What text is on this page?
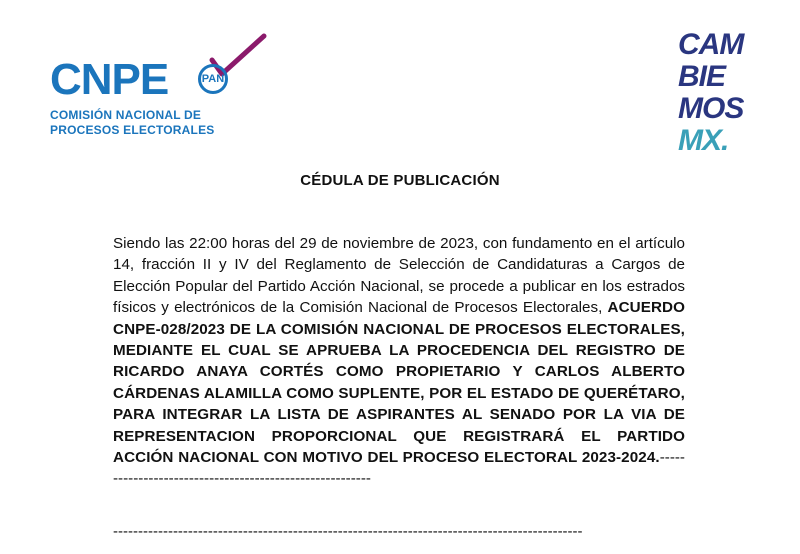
CNPE	PAN
COMISIÓN NACIONAL DE
PROCESOS ELECTORALES
CAM
BIE
MOS
MX.
CÉDULA DE PUBLICACIÓN
Siendo las 22:00 horas del 29 de noviembre de 2023, con fundamento en el artículo 14, fracción II y IV del Reglamento de Selección de Candidaturas a Cargos de Elección Popular del Partido Acción Nacional, se procede a publicar en los estrados físicos y electrónicos de la Comisión Nacional de Procesos Electorales, ACUERDO CNPE-028/2023 DE LA COMISIÓN NACIONAL DE PROCESOS ELECTORALES, MEDIANTE EL CUAL SE APRUEBA LA PROCEDENCIA DEL REGISTRO DE RICARDO ANAYA CORTÉS COMO PROPIETARIO Y CARLOS ALBERTO CÁRDENAS ALAMILLA COMO SUPLENTE, POR EL ESTADO DE QUERÉTARO, PARA INTEGRAR LA LISTA DE ASPIRANTES AL SENADO POR LA VIA DE REPRESENTACION PROPORCIONAL QUE REGISTRARÁ EL PARTIDO ACCIÓN NACIONAL CON MOTIVO DEL PROCESO ELECTORAL 2023-2024.--------------------------------------------------------
----------------------------------------------------------------------------------------------
